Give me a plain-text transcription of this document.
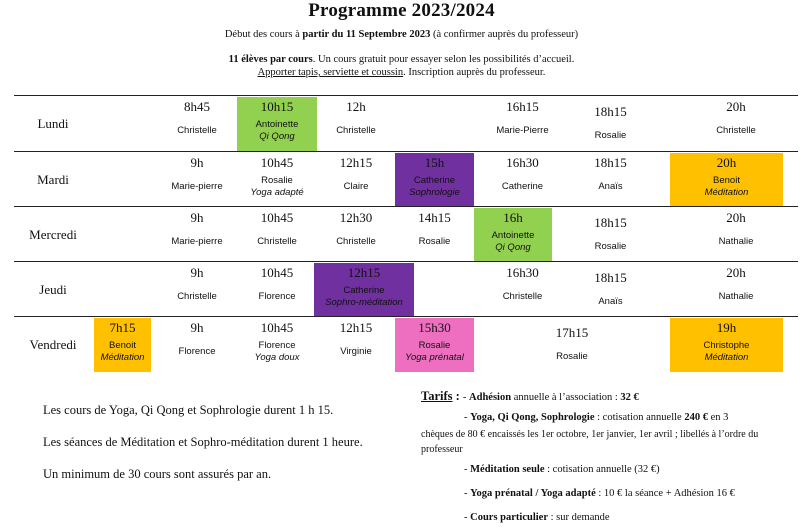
Programme 2023/2024
Début des cours à partir du 11 Septembre 2023 (à confirmer auprès du professeur)
11 élèves par cours. Un cours gratuit pour essayer selon les possibilités d’accueil.
Apporter tapis, serviette et coussin. Inscription auprès du professeur.
Lundi
8h45
Christelle
10h15
Antoinette
Qi Qong
12h
Christelle
16h15
Marie-Pierre
18h15
Rosalie
20h
Christelle
Mardi
9h
Marie-pierre
10h45
Rosalie
Yoga adapté
12h15
Claire
15h
Catherine
Sophrologie
16h30
Catherine
18h15
Anaïs
20h
Benoit
Méditation
Mercredi
9h
Marie-pierre
10h45
Christelle
12h30
Christelle
14h15
Rosalie
16h
Antoinette
Qi Qong
18h15
Rosalie
20h
Nathalie
Jeudi
9h
Christelle
10h45
Florence
12h15
Catherine
Sophro-méditation
16h30
Christelle
18h15
Anaïs
20h
Nathalie
Vendredi
7h15
Benoit
Méditation
9h
Florence
10h45
Florence
Yoga doux
12h15
Virginie
15h30
Rosalie
Yoga prénatal
17h15
Rosalie
19h
Christophe
Méditation
Les cours de Yoga, Qi Qong et Sophrologie durent 1 h 15.
Les séances de Méditation et Sophro-méditation durent 1 heure.
Un minimum de 30 cours sont assurés par an.
Tarifs : - Adhésion annuelle à l’association : 32 €
- Yoga, Qi Qong, Sophrologie : cotisation annuelle 240 € en 3
chèques de 80 € encaissés les 1er octobre, 1er janvier, 1er avril ; libellés à l’ordre du
professeur
- Méditation seule : cotisation annuelle (32 €)
- Yoga prénatal / Yoga adapté : 10 € la séance + Adhésion 16 €
- Cours particulier : sur demande
